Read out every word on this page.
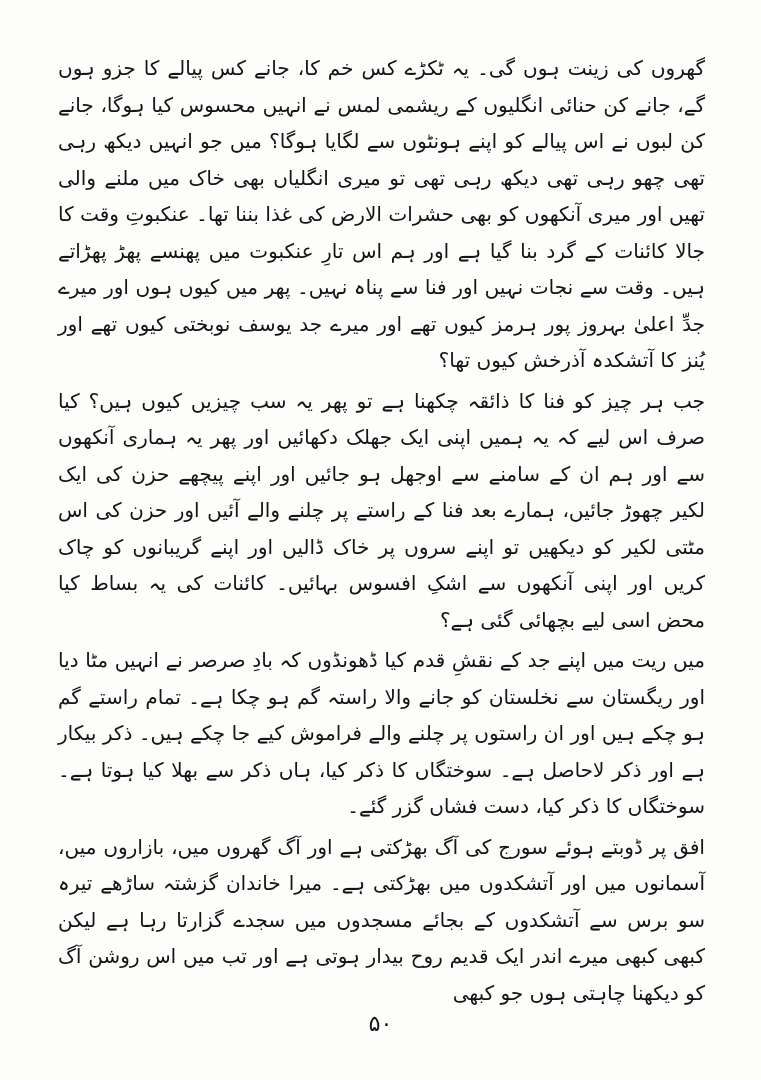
گھروں کی زینت ہوں گی۔ یہ ٹکڑے کس خم کا، جانے کس پیالے کا جزو ہوں گے، جانے کن حنائی انگلیوں کے ریشمی لمس نے انہیں محسوس کیا ہوگا، جانے کن لبوں نے اس پیالے کو اپنے ہونٹوں سے لگایا ہوگا؟ میں جو انہیں دیکھ رہی تھی چھو رہی تھی دیکھ رہی تھی تو میری انگلیاں بھی خاک میں ملنے والی تھیں اور میری آنکھوں کو بھی حشرات الارض کی غذا بننا تھا۔ عنکبوتِ وقت کا جالا کائنات کے گرد بنا گیا ہے اور ہم اس تارِ عنکبوت میں پھنسے پھڑ پھڑاتے ہیں۔ وقت سے نجات نہیں اور فنا سے پناہ نہیں۔ پھر میں کیوں ہوں اور میرے جدِّ اعلیٰ بہروز پور ہرمز کیوں تھے اور میرے جد یوسف نوبختی کیوں تھے اور یُنز کا آتشکدہ آذرخش کیوں تھا؟

جب ہر چیز کو فنا کا ذائقہ چکھنا ہے تو پھر یہ سب چیزیں کیوں ہیں؟ کیا صرف اس لیے کہ یہ ہمیں اپنی ایک جھلک دکھائیں اور پھر یہ ہماری آنکھوں سے اور ہم ان کے سامنے سے اوجھل ہو جائیں اور اپنے پیچھے حزن کی ایک لکیر چھوڑ جائیں، ہمارے بعد فنا کے راستے پر چلنے والے آئیں اور حزن کی اس مٹتی لکیر کو دیکھیں تو اپنے سروں پر خاک ڈالیں اور اپنے گریبانوں کو چاک کریں اور اپنی آنکھوں سے اشکِ افسوس بہائیں۔ کائنات کی یہ بساط کیا محض اسی لیے بچھائی گئی ہے؟

میں ریت میں اپنے جد کے نقشِ قدم کیا ڈھونڈوں کہ بادِ صرصر نے انہیں مٹا دیا اور ریگستان سے نخلستان کو جانے والا راستہ گم ہو چکا ہے۔ تمام راستے گم ہو چکے ہیں اور ان راستوں پر چلنے والے فراموش کیے جا چکے ہیں۔ ذکر بیکار ہے اور ذکر لاحاصل ہے۔ سوختگاں کا ذکر کیا، ہاں ذکر سے بھلا کیا ہوتا ہے۔ سوختگاں کا ذکر کیا، دست فشاں گزر گئے۔

افق پر ڈوبتے ہوئے سورج کی آگ بھڑکتی ہے اور آگ گھروں میں، بازاروں میں، آسمانوں میں اور آتشکدوں میں بھڑکتی ہے۔ میرا خاندان گزشتہ ساڑھے تیرہ سو برس سے آتشکدوں کے بجائے مسجدوں میں سجدے گزارتا رہا ہے لیکن کبھی کبھی میرے اندر ایک قدیم روح بیدار ہوتی ہے اور تب میں اس روشن آگ کو دیکھنا چاہتی ہوں جو کبھی

۵۰
